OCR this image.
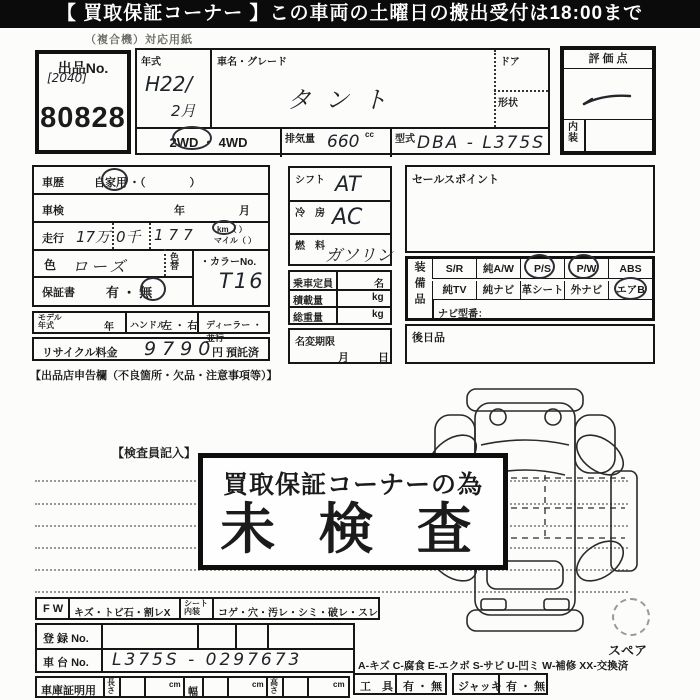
【 買取保証コーナー 】この車両の土曜日の搬出受付は18:00まで
（複合機）対応用紙
出品No.
[2040]
80828
年式
H22/
2月
車名・グレード
タント
ドア
形状
2WD ・ 4WD	排気量 660 cc 型式 DBA - L375S
評 価 点
内装
車歴	自家用 ・（　　　　）
車検	年	月
走行 17万 0千 177 km（ ）
マイル（ ）
色 ローズ	色替 ・カラーNo.
T16
保証書 有 ・ 無
モデル年式	年 ハンドル
左 ・ 右 ディーラー ・ 並行
リサイクル料金 9790
円 預託済
【出品店申告欄（不良箇所・欠品・注意事項等）】
シフト AT
冷　房 AC
燃　料 ガソリン
乗車定員	名
積載量	kg
総重量	kg
名変期限
月	日
セールスポイント
装備品	S/R	純A/W	P/S	P/W	ABS
純TV	純ナビ 革シート 外ナビ	エアB
ナビ型番：
後日品
【検査員記入】
買取保証コーナーの為
未 検 査
F W キズ・トビ石・割レX
シート内装	コゲ・穴・汚レ・シミ・破レ・スレ
登 録 No.
車 台 No. L375S - 0297673
車庫証明用
長さ
cm
幅
cm 高さ
cm
A-キズ C-腐食 E-エクボ S-サビ U-凹ミ W-補修 XX-交換済
工　具 有 ・ 無 ジャッキ 有 ・ 無
スペア
